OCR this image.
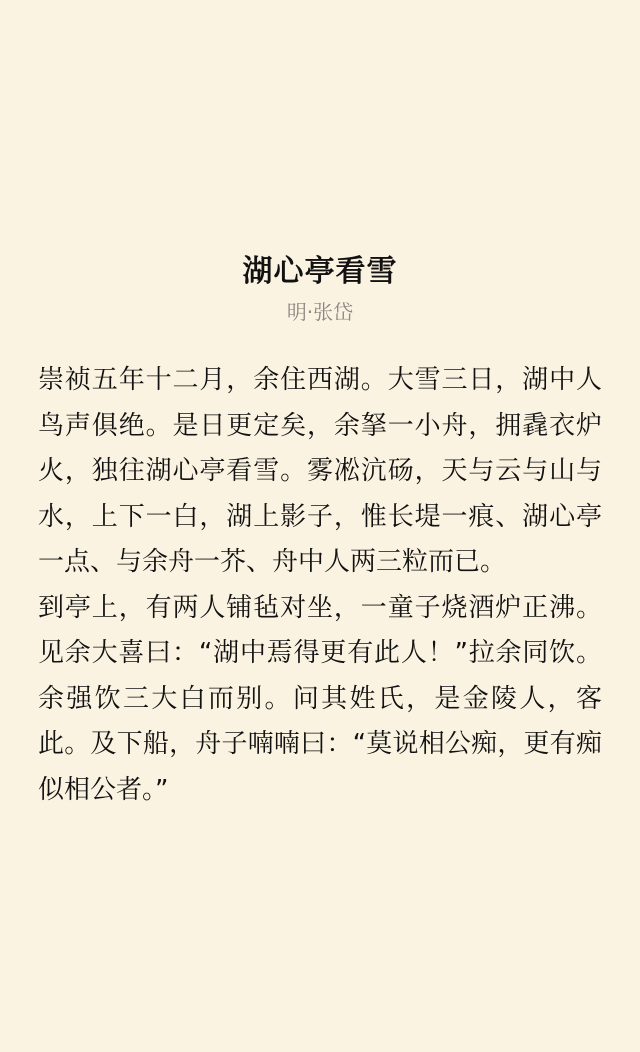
湖心亭看雪
明·张岱

崇祯五年十二月，余住西湖。大雪三日，湖中人鸟声俱绝。是日更定矣，余拏一小舟，拥毳衣炉火，独往湖心亭看雪。雾凇沆砀，天与云与山与水，上下一白，湖上影子，惟长堤一痕、湖心亭一点、与余舟一芥、舟中人两三粒而已。

到亭上，有两人铺毡对坐，一童子烧酒炉正沸。见余大喜曰：“湖中焉得更有此人！”拉余同饮。余强饮三大白而别。问其姓氏，是金陵人，客此。及下船，舟子喃喃曰：“莫说相公痴，更有痴似相公者。”
